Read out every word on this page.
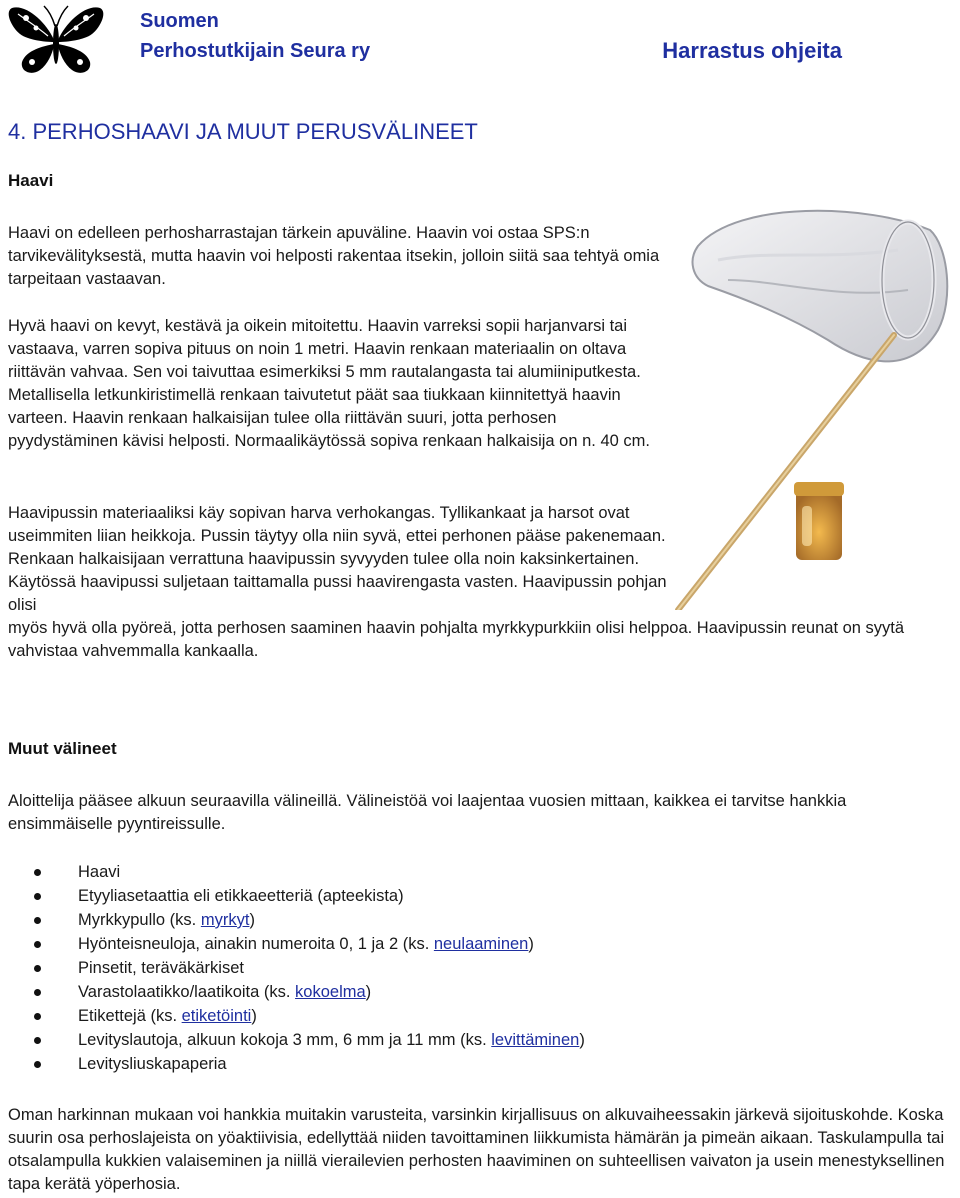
Suomen
Perhostutkijain Seura ry	Harrastus ohjeita
4. PERHOSHAAVI JA MUUT PERUSVÄLINEET
Haavi
Haavi on edelleen perhosharrastajan tärkein apuväline. Haavin voi ostaa SPS:n tarvikevälityksestä, mutta haavin voi helposti rakentaa itsekin, jolloin siitä saa tehtyä omia tarpeitaan vastaavan.
Hyvä haavi on kevyt, kestävä ja oikein mitoitettu. Haavin varreksi sopii harjanvarsi tai vastaava, varren sopiva pituus on noin 1 metri. Haavin renkaan materiaalin on oltava riittävän vahvaa. Sen voi taivuttaa esimerkiksi 5 mm rautalangasta tai alumiiniputkesta. Metallisella letkunkiristimellä renkaan taivutetut päät saa tiukkaan kiinnitettyä haavin varteen. Haavin renkaan halkaisijan tulee olla riittävän suuri, jotta perhosen pyydystäminen kävisi helposti. Normaalikäytössä sopiva renkaan halkaisija on n. 40 cm.
Haavipussin materiaaliksi käy sopivan harva verhokangas. Tyllikankaat ja harsot ovat useimmiten liian heikkoja. Pussin täytyy olla niin syvä, ettei perhonen pääse pakenemaan. Renkaan halkaisijaan verrattuna haavipussin syvyyden tulee olla noin kaksinkertainen. Käytössä haavipussi suljetaan taittamalla pussi haavirengasta vasten. Haavipussin pohjan olisi
myös hyvä olla pyöreä, jotta perhosen saaminen haavin pohjalta myrkkypurkkiin olisi helppoa. Haavipussin reunat on syytä vahvistaa vahvemmalla kankaalla.
Muut välineet
Aloittelija pääsee alkuun seuraavilla välineillä. Välineistöä voi laajentaa vuosien mittaan, kaikkea ei tarvitse hankkia ensimmäiselle pyyntireissulle.
Haavi
Etyyliasetaattia eli etikkaeetteriä (apteekista)
Myrkkypullo (ks. myrkyt)
Hyönteisneuloja, ainakin numeroita 0, 1 ja 2 (ks. neulaaminen)
Pinsetit, teräväkärkiset
Varastolaatikko/laatikoita (ks. kokoelma)
Etikettejä (ks. etiketöinti)
Levityslautoja, alkuun kokoja 3 mm, 6 mm ja 11 mm (ks. levittäminen)
Levitysliuskapaperia
Oman harkinnan mukaan voi hankkia muitakin varusteita, varsinkin kirjallisuus on alkuvaiheessakin järkevä sijoituskohde. Koska suurin osa perhoslajeista on yöaktiivisia, edellyttää niiden tavoittaminen liikkumista hämärän ja pimeän aikaan. Taskulampulla tai otsalampulla kukkien valaiseminen ja niillä vierailevien perhosten haaviminen on suhteellisen vaivaton ja usein menestyksellinen tapa kerätä yöperhosia.
